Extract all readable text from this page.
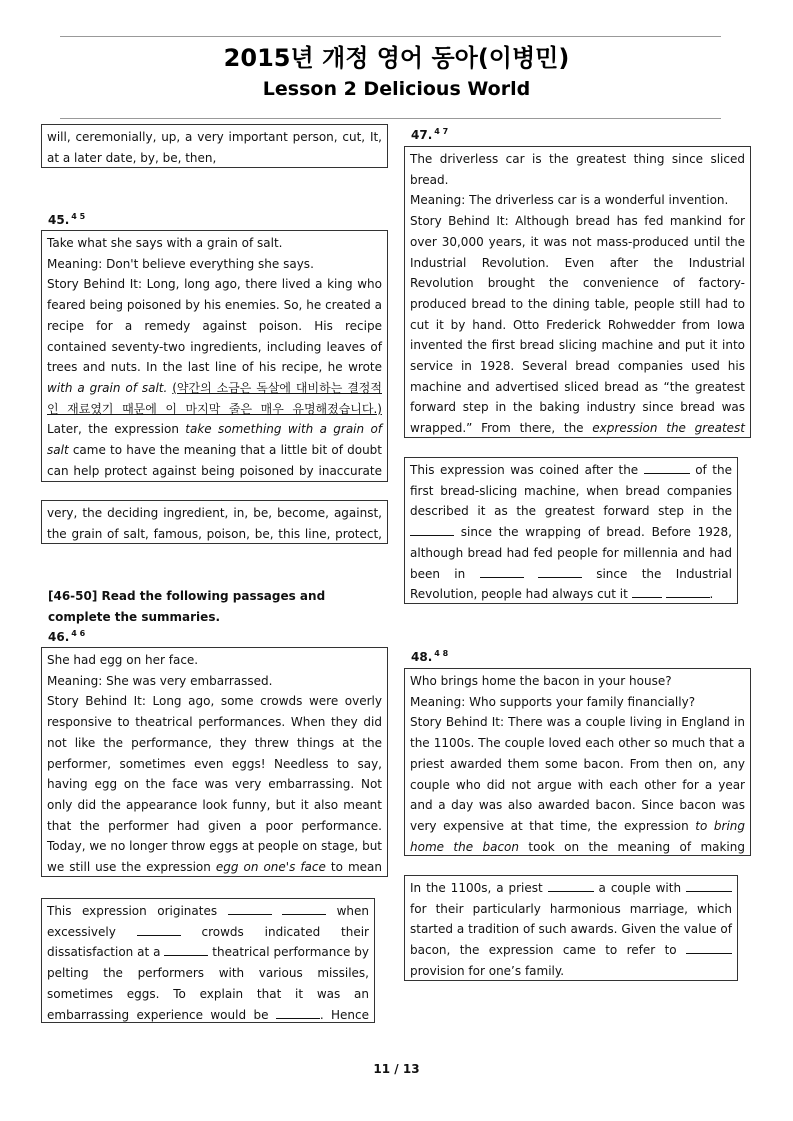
2015년 개정 영어 동아(이병민)
Lesson 2 Delicious World

will, ceremonially, up, a very important person, cut, It, at a later date, by, be, then,

45. $^{4 5}$

Take what she says with a grain of salt.

Meaning: Don't believe everything she says.

Story Behind It: Long, long ago, there lived a king who feared being poisoned by his enemies. So, he created a recipe for a remedy against poison. His recipe contained seventy-two ingredients, including leaves of trees and nuts. In the last line of his recipe, he wrote with a grain of salt. (약간의 소금은 독살에 대비하는 결정적인 재료였기 때문에 이 마지막 줄은 매우 유명해졌습니다.) Later, the expression take something with a grain of salt came to have the meaning that a little bit of doubt can help protect against being poisoned by inaccurate

very, the deciding ingredient, in, be, become, against, the grain of salt, famous, poison, be, this line, protect,

[46-50] Read the following passages and complete the summaries.
46. $^{4 6}$

She had egg on her face.

Meaning: She was very embarrassed.

Story Behind It: Long ago, some crowds were overly responsive to theatrical performances. When they did not like the performance, they threw things at the performer, sometimes even eggs! Needless to say, having egg on the face was very embarrassing. Not only did the appearance look funny, but it also meant that the performer had given a poor performance. Today, we no longer throw eggs at people on stage, but we still use the expression egg on one's face to mean

This expression originates	when excessively	crowds indicated their dissatisfaction at a	theatrical performance by pelting the performers with various missiles, sometimes eggs. To explain that it was an embarrassing experience would be	. Hence

47. $^{4 7}$

The driverless car is the greatest thing since sliced bread.

Meaning: The driverless car is a wonderful invention.

Story Behind It: Although bread has fed mankind for over 30,000 years, it was not mass-produced until the Industrial Revolution. Even after the Industrial Revolution brought the convenience of factory-produced bread to the dining table, people still had to cut it by hand. Otto Frederick Rohwedder from Iowa invented the first bread slicing machine and put it into service in 1928. Several bread companies used his machine and advertised sliced bread as “the greatest forward step in the baking industry since bread was wrapped.” From there, the expression the greatest

This expression was coined after the	of the first bread-slicing machine, when bread companies described it as the greatest forward step in the  since the wrapping of bread. Before 1928, although bread had fed people for millennia and had been in	since the Industrial Revolution, people had always cut it	.

48. $^{4 8}$

Who brings home the bacon in your house?

Meaning: Who supports your family financially?

Story Behind It: There was a couple living in England in the 1100s. The couple loved each other so much that a priest awarded them some bacon. From then on, any couple who did not argue with each other for a year and a day was also awarded bacon. Since bacon was very expensive at that time, the expression to bring home the bacon took on the meaning of making

In the 1100s, a priest	a couple with  for their particularly harmonious marriage, which started a tradition of such awards. Given the value of bacon, the expression came to refer to  provision for one’s family.

11 / 13
